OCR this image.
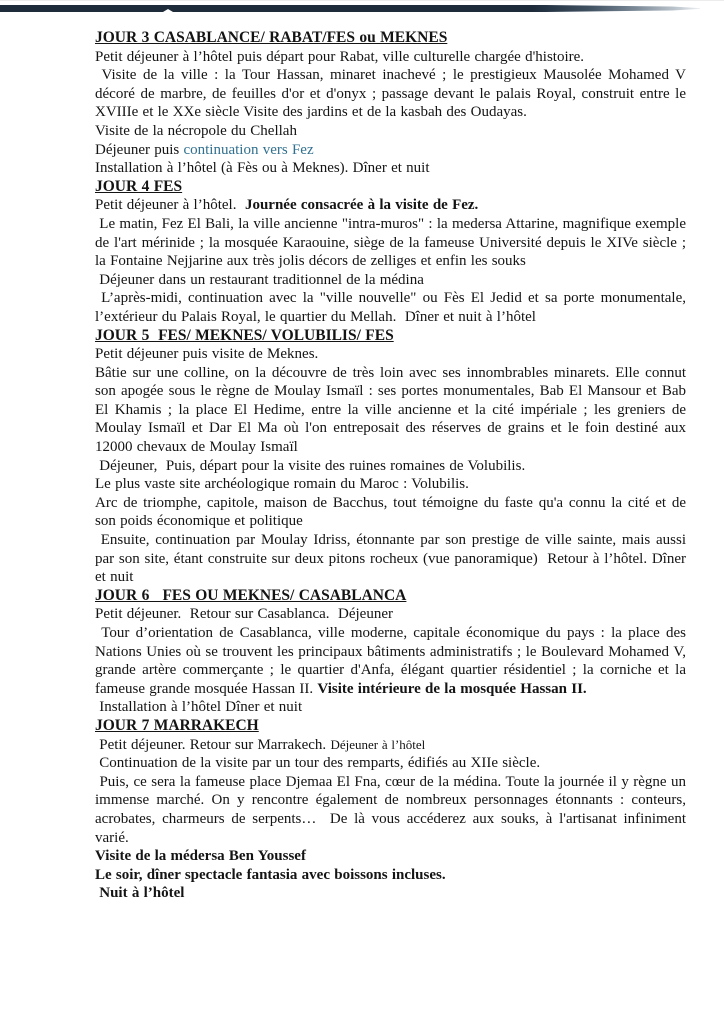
JOUR 3 CASABLANCE/ RABAT/FES ou MEKNES

Petit déjeuner à l’hôtel puis départ pour Rabat, ville culturelle chargée d'histoire.

Visite de la ville : la Tour Hassan, minaret inachevé ; le prestigieux Mausolée Mohamed V décoré de marbre, de feuilles d'or et d'onyx ; passage devant le palais Royal, construit entre le XVIIIe et le XXe siècle Visite des jardins et de la kasbah des Oudayas.

Visite de la nécropole du Chellah

Déjeuner puis continuation vers Fez

Installation à l’hôtel (à Fès ou à Meknes). Dîner et nuit

JOUR 4 FES

Petit déjeuner à l’hôtel.  Journée consacrée à la visite de Fez.

Le matin, Fez El Bali, la ville ancienne "intra-muros" : la medersa Attarine, magnifique exemple de l'art mérinide ; la mosquée Karaouine, siège de la fameuse Université depuis le XIVe siècle ; la Fontaine Nejjarine aux très jolis décors de zelliges et enfin les souks

Déjeuner dans un restaurant traditionnel de la médina

L’après-midi, continuation avec la "ville nouvelle" ou Fès El Jedid et sa porte monumentale, l’extérieur du Palais Royal, le quartier du Mellah.  Dîner et nuit à l’hôtel

JOUR 5  FES/ MEKNES/ VOLUBILIS/ FES

Petit déjeuner puis visite de Meknes.

Bâtie sur une colline, on la découvre de très loin avec ses innombrables minarets. Elle connut son apogée sous le règne de Moulay Ismaïl : ses portes monumentales, Bab El Mansour et Bab El Khamis ; la place El Hedime, entre la ville ancienne et la cité impériale ; les greniers de Moulay Ismaïl et Dar El Ma où l'on entreposait des réserves de grains et le foin destiné aux 12000 chevaux de Moulay Ismaïl

Déjeuner,  Puis, départ pour la visite des ruines romaines de Volubilis.

Le plus vaste site archéologique romain du Maroc : Volubilis.

Arc de triomphe, capitole, maison de Bacchus, tout témoigne du faste qu'a connu la cité et de son poids économique et politique

Ensuite, continuation par Moulay Idriss, étonnante par son prestige de ville sainte, mais aussi par son site, étant construite sur deux pitons rocheux (vue panoramique)  Retour à l’hôtel. Dîner et nuit

JOUR 6   FES OU MEKNES/ CASABLANCA

Petit déjeuner.  Retour sur Casablanca.  Déjeuner

Tour d’orientation de Casablanca, ville moderne, capitale économique du pays : la place des Nations Unies où se trouvent les principaux bâtiments administratifs ; le Boulevard Mohamed V, grande artère commerçante ; le quartier d'Anfa, élégant quartier résidentiel ; la corniche et la fameuse grande mosquée Hassan II. Visite intérieure de la mosquée Hassan II.

Installation à l’hôtel Dîner et nuit

JOUR 7 MARRAKECH

Petit déjeuner. Retour sur Marrakech. Déjeuner à l’hôtel

Continuation de la visite par un tour des remparts, édifiés au XIIe siècle.

Puis, ce sera la fameuse place Djemaa El Fna, cœur de la médina. Toute la journée il y règne un immense marché. On y rencontre également de nombreux personnages étonnants : conteurs, acrobates, charmeurs de serpents…  De là vous accéderez aux souks, à l'artisanat infiniment varié.

Visite de la médersa Ben Youssef

Le soir, dîner spectacle fantasia avec boissons incluses.

Nuit à l’hôtel
